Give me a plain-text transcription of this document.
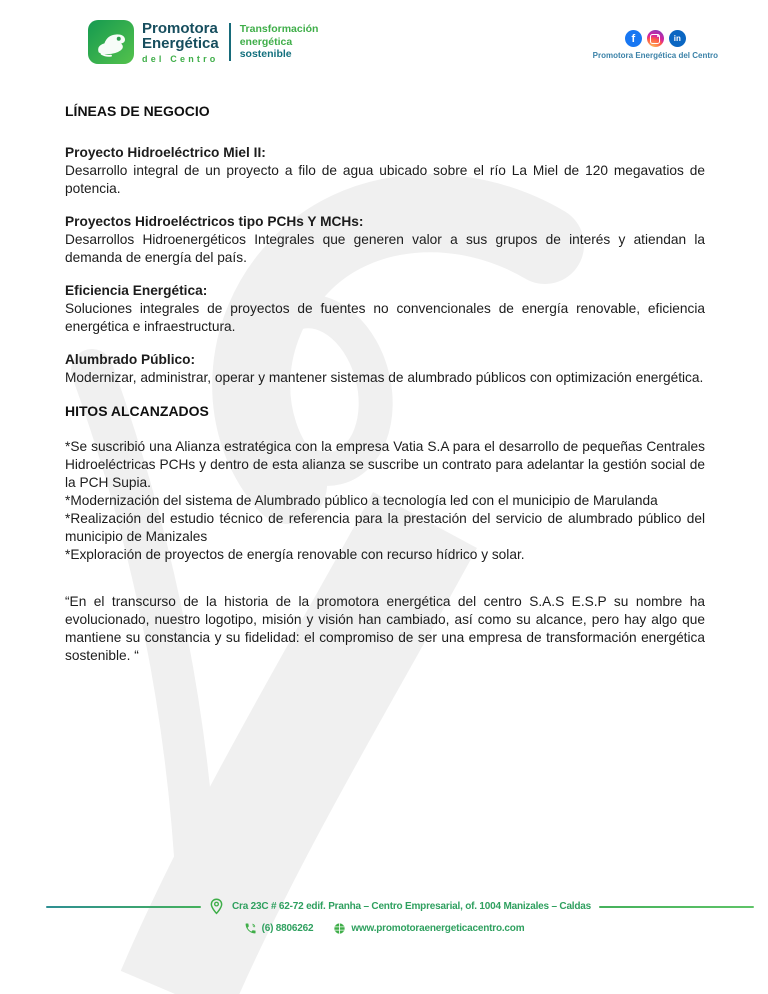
Promotora
Energética
del Centro
Transformación
energética
sostenible
f	in
Promotora Energética del Centro
LÍNEAS DE NEGOCIO
Proyecto Hidroeléctrico Miel II:
Desarrollo integral de un proyecto a filo de agua ubicado sobre el río La Miel de 120 megavatios de potencia.
Proyectos Hidroeléctricos tipo PCHs Y MCHs:
Desarrollos Hidroenergéticos Integrales que generen valor a sus grupos de interés y atiendan la demanda de energía del país.
Eficiencia Energética:
Soluciones integrales de proyectos de fuentes no convencionales de energía renovable, eficiencia energética e infraestructura.
Alumbrado Público:
Modernizar, administrar, operar y mantener sistemas de alumbrado públicos con optimización energética.
HITOS ALCANZADOS
*Se suscribió una Alianza estratégica con la empresa Vatia S.A para el desarrollo de pequeñas Centrales Hidroeléctricas PCHs y dentro de esta alianza se suscribe un contrato para adelantar la gestión social de la PCH Supia.
*Modernización del sistema de Alumbrado público a tecnología led con el municipio de Marulanda
*Realización del estudio técnico de referencia para la prestación del servicio de alumbrado público del municipio de Manizales
*Exploración de proyectos de energía renovable con recurso hídrico y solar.
“En el transcurso de la historia de la promotora energética del centro S.A.S E.S.P su nombre ha evolucionado, nuestro logotipo, misión y visión han cambiado, así como su alcance, pero hay algo que mantiene su constancia y su fidelidad: el compromiso de ser una empresa de transformación energética sostenible. “
Cra 23C # 62-72 edif. Pranha – Centro Empresarial, of. 1004 Manizales – Caldas
(6) 8806262	www.promotoraenergeticacentro.com
